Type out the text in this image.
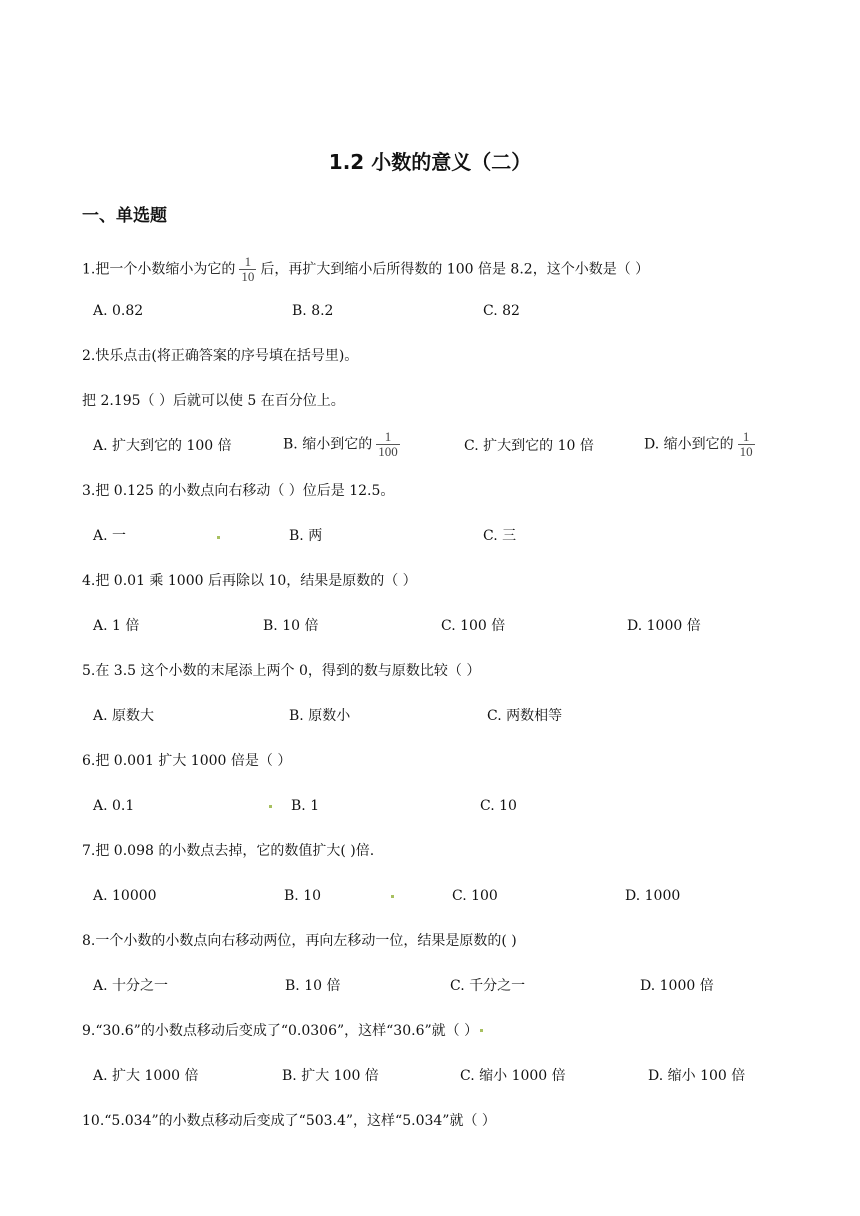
1.2 小数的意义（二）
一、单选题
1.把一个小数缩小为它的 $\frac{1}{10}$ 后，再扩大到缩小后所得数的 100 倍是 8.2，这个小数是（ ）
A. 0.82	B. 8.2	C. 82
2.快乐点击(将正确答案的序号填在括号里)。
把 2.195（ ）后就可以使 5 在百分位上。
A. 扩大到它的 100 倍	B. 缩小到它的 $\frac{1}{100}$	C. 扩大到它的 10 倍	D. 缩小到它的 $\frac{1}{10}$
3.把 0.125 的小数点向右移动（ ）位后是 12.5。
A. 一	B. 两	C. 三
4.把 0.01 乘 1000 后再除以 10，结果是原数的（ ）
A. 1 倍	B. 10 倍	C. 100 倍	D. 1000 倍
5.在 3.5 这个小数的末尾添上两个 0，得到的数与原数比较（ ）
A. 原数大	B. 原数小	C. 两数相等
6.把 0.001 扩大 1000 倍是（ ）
A. 0.1	B. 1	C. 10
7.把 0.098 的小数点去掉，它的数值扩大( )倍.
A. 10000	B. 10	C. 100	D. 1000
8.一个小数的小数点向右移动两位，再向左移动一位，结果是原数的( )
A. 十分之一	B. 10 倍	C. 千分之一	D. 1000 倍
9.“30.6”的小数点移动后变成了“0.0306”，这样“30.6”就（ ）
A. 扩大 1000 倍	B. 扩大 100 倍	C. 缩小 1000 倍	D. 缩小 100 倍
10.“5.034”的小数点移动后变成了“503.4”，这样“5.034”就（ ）
